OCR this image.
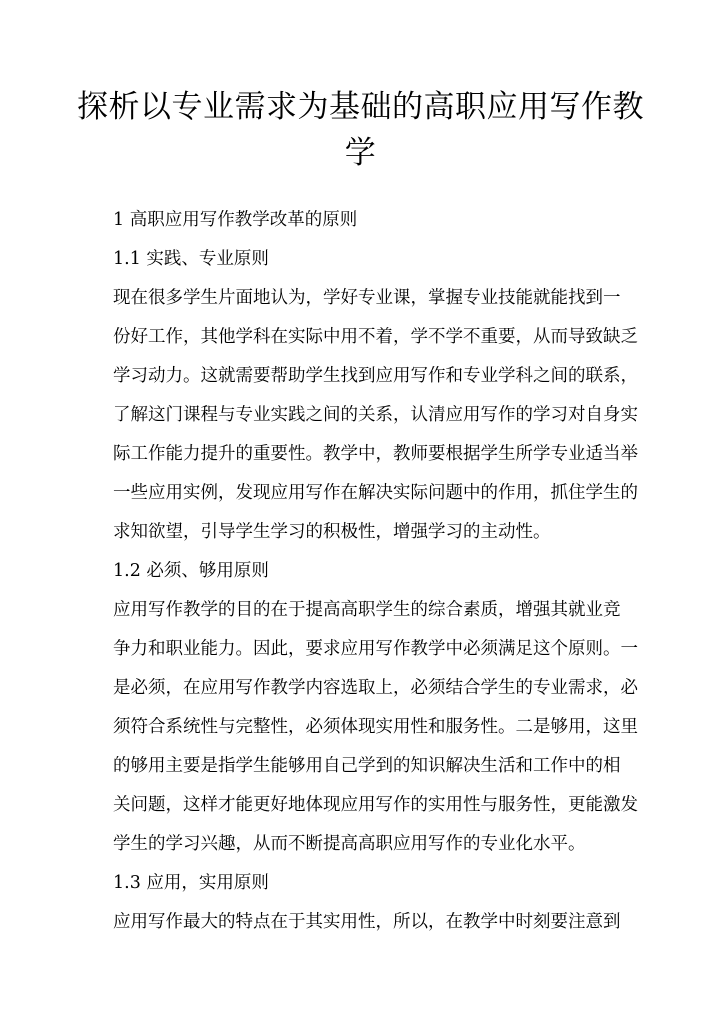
探析以专业需求为基础的高职应用写作教
学
1 高职应用写作教学改革的原则
1.1 实践、专业原则
现在很多学生片面地认为，学好专业课，掌握专业技能就能找到一
份好工作，其他学科在实际中用不着，学不学不重要，从而导致缺乏
学习动力。这就需要帮助学生找到应用写作和专业学科之间的联系，
了解这门课程与专业实践之间的关系，认清应用写作的学习对自身实
际工作能力提升的重要性。教学中，教师要根据学生所学专业适当举
一些应用实例，发现应用写作在解决实际问题中的作用，抓住学生的
求知欲望，引导学生学习的积极性，增强学习的主动性。
1.2 必须、够用原则
应用写作教学的目的在于提高高职学生的综合素质，增强其就业竞
争力和职业能力。因此，要求应用写作教学中必须满足这个原则。一
是必须，在应用写作教学内容选取上，必须结合学生的专业需求，必
须符合系统性与完整性，必须体现实用性和服务性。二是够用，这里
的够用主要是指学生能够用自己学到的知识解决生活和工作中的相
关问题，这样才能更好地体现应用写作的实用性与服务性，更能激发
学生的学习兴趣，从而不断提高高职应用写作的专业化水平。
1.3 应用，实用原则
应用写作最大的特点在于其实用性，所以，在教学中时刻要注意到
